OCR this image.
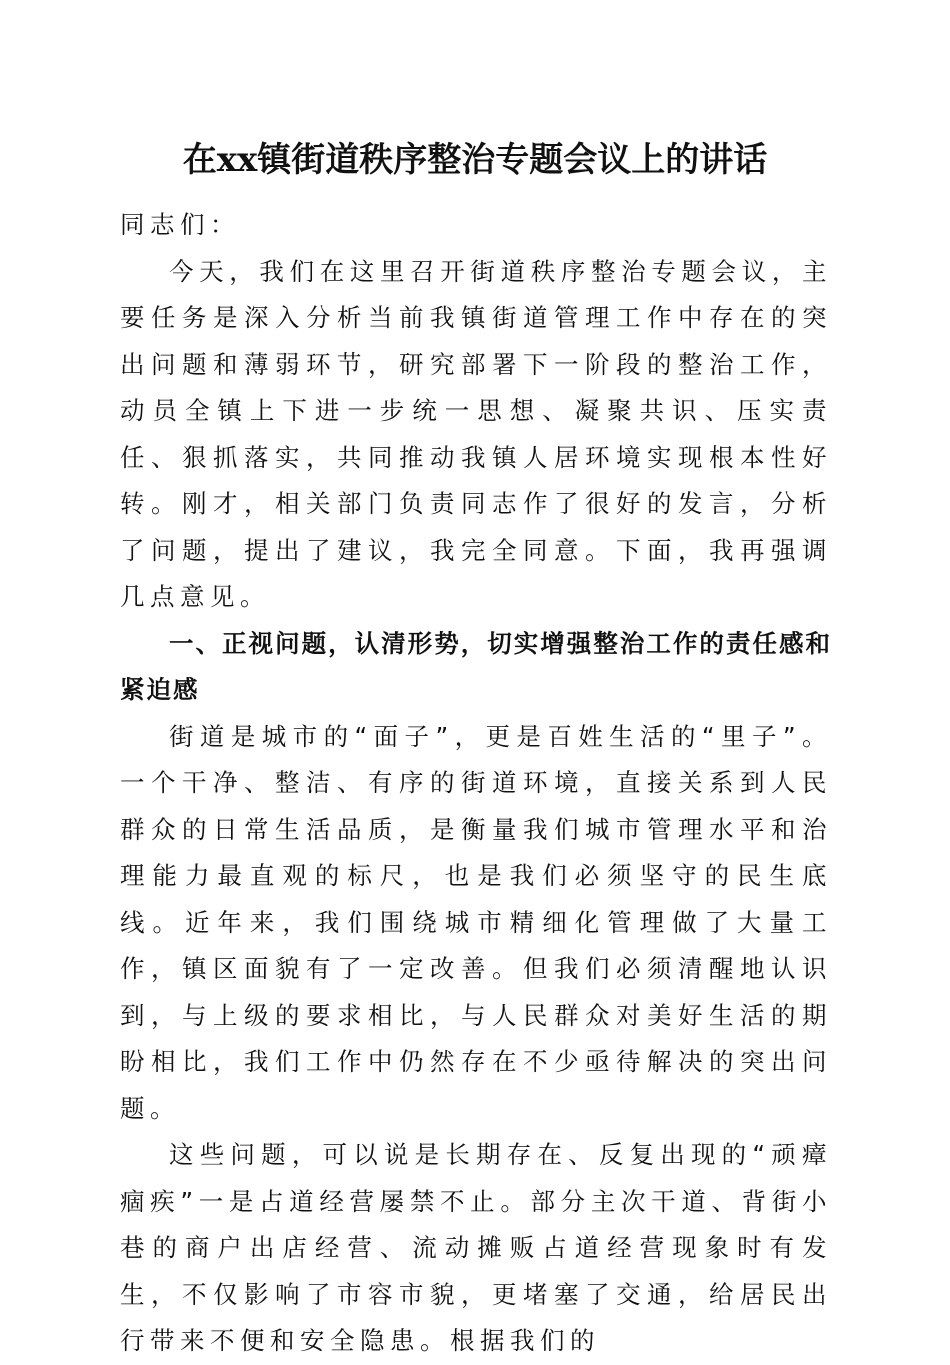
在xx镇街道秩序整治专题会议上的讲话

同志们：

今天，我们在这里召开街道秩序整治专题会议，主要任务是深入分析当前我镇街道管理工作中存在的突出问题和薄弱环节，研究部署下一阶段的整治工作，动员全镇上下进一步统一思想、凝聚共识、压实责任、狠抓落实，共同推动我镇人居环境实现根本性好转。刚才，相关部门负责同志作了很好的发言，分析了问题，提出了建议，我完全同意。下面，我再强调几点意见。

一、正视问题，认清形势，切实增强整治工作的责任感和紧迫感

街道是城市的“面子”，更是百姓生活的“里子”。一个干净、整洁、有序的街道环境，直接关系到人民群众的日常生活品质，是衡量我们城市管理水平和治理能力最直观的标尺，也是我们必须坚守的民生底线。近年来，我们围绕城市精细化管理做了大量工作，镇区面貌有了一定改善。但我们必须清醒地认识到，与上级的要求相比，与人民群众对美好生活的期盼相比，我们工作中仍然存在不少亟待解决的突出问题。

这些问题，可以说是长期存在、反复出现的“顽瘴痼疾”一是占道经营屡禁不止。部分主次干道、背街小巷的商户出店经营、流动摊贩占道经营现象时有发生，不仅影响了市容市貌，更堵塞了交通，给居民出行带来不便和安全隐患。根据我们的
